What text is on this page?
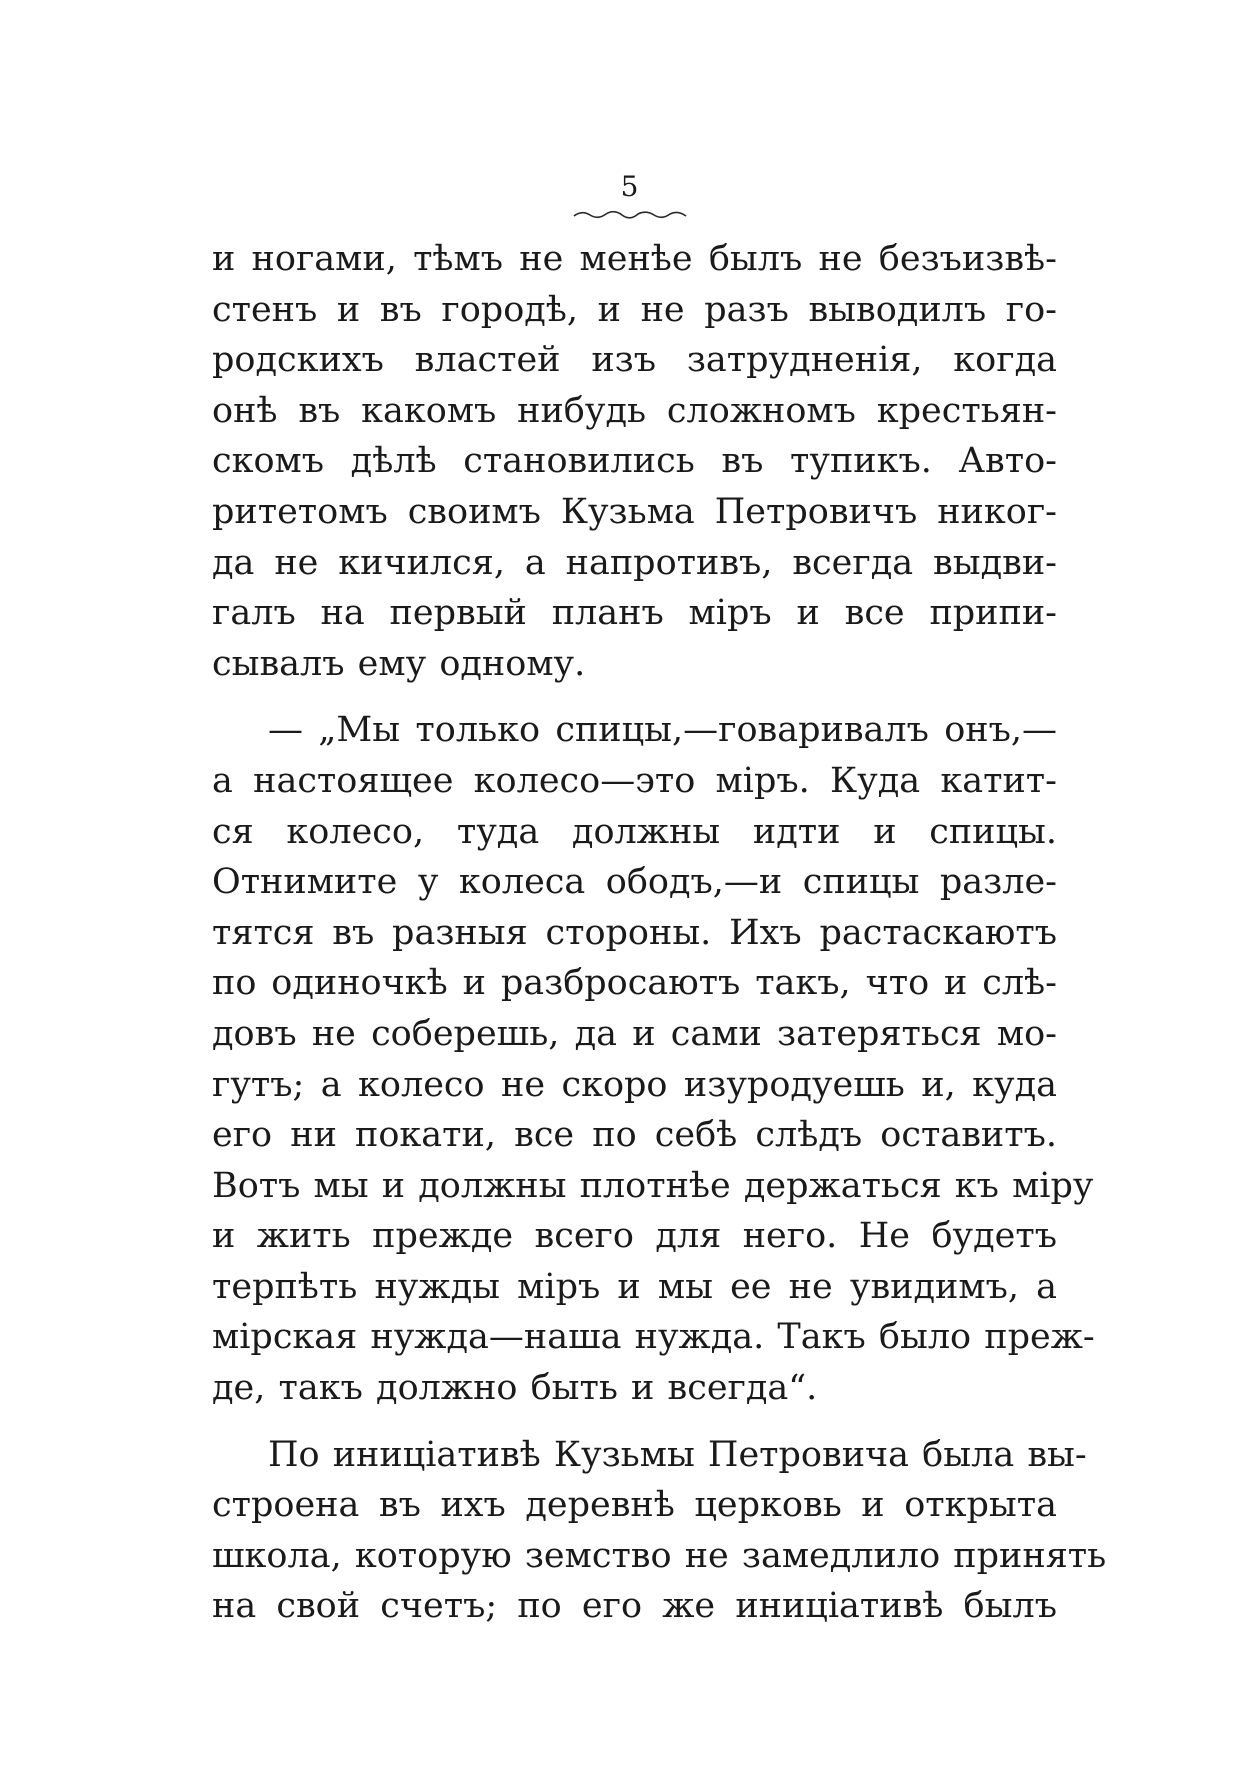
5
и ногами, тѣмъ не менѣе былъ не безъизвѣ-
стенъ и въ городѣ, и не разъ выводилъ го-
родскихъ властей изъ затрудненія, когда
онѣ въ какомъ нибудь сложномъ крестьян-
скомъ дѣлѣ становились въ тупикъ. Авто-
ритетомъ своимъ Кузьма Петровичъ никог-
да не кичился, а напротивъ, всегда выдви-
галъ на первый планъ міръ и все припи-
сывалъ ему одному.
— „Мы только спицы,—говаривалъ онъ,—
а настоящее колесо—это міръ. Куда катит-
ся колесо, туда должны идти и спицы.
Отнимите у колеса ободъ,—и спицы разле-
тятся въ разныя стороны. Ихъ растаскаютъ
по одиночкѣ и разбросаютъ такъ, что и слѣ-
довъ не соберешь, да и сами затеряться мо-
гутъ; а колесо не скоро изуродуешь и, куда
его ни покати, все по себѣ слѣдъ оставитъ.
Вотъ мы и должны плотнѣе держаться къ міру
и жить прежде всего для него. Не будетъ
терпѣть нужды міръ и мы ее не увидимъ, а
мірская нужда—наша нужда. Такъ было преж-
де, такъ должно быть и всегда“.
По иниціативѣ Кузьмы Петровича была вы-
строена въ ихъ деревнѣ церковь и открыта
школа, которую земство не замедлило принять
на свой счетъ; по его же иниціативѣ былъ
